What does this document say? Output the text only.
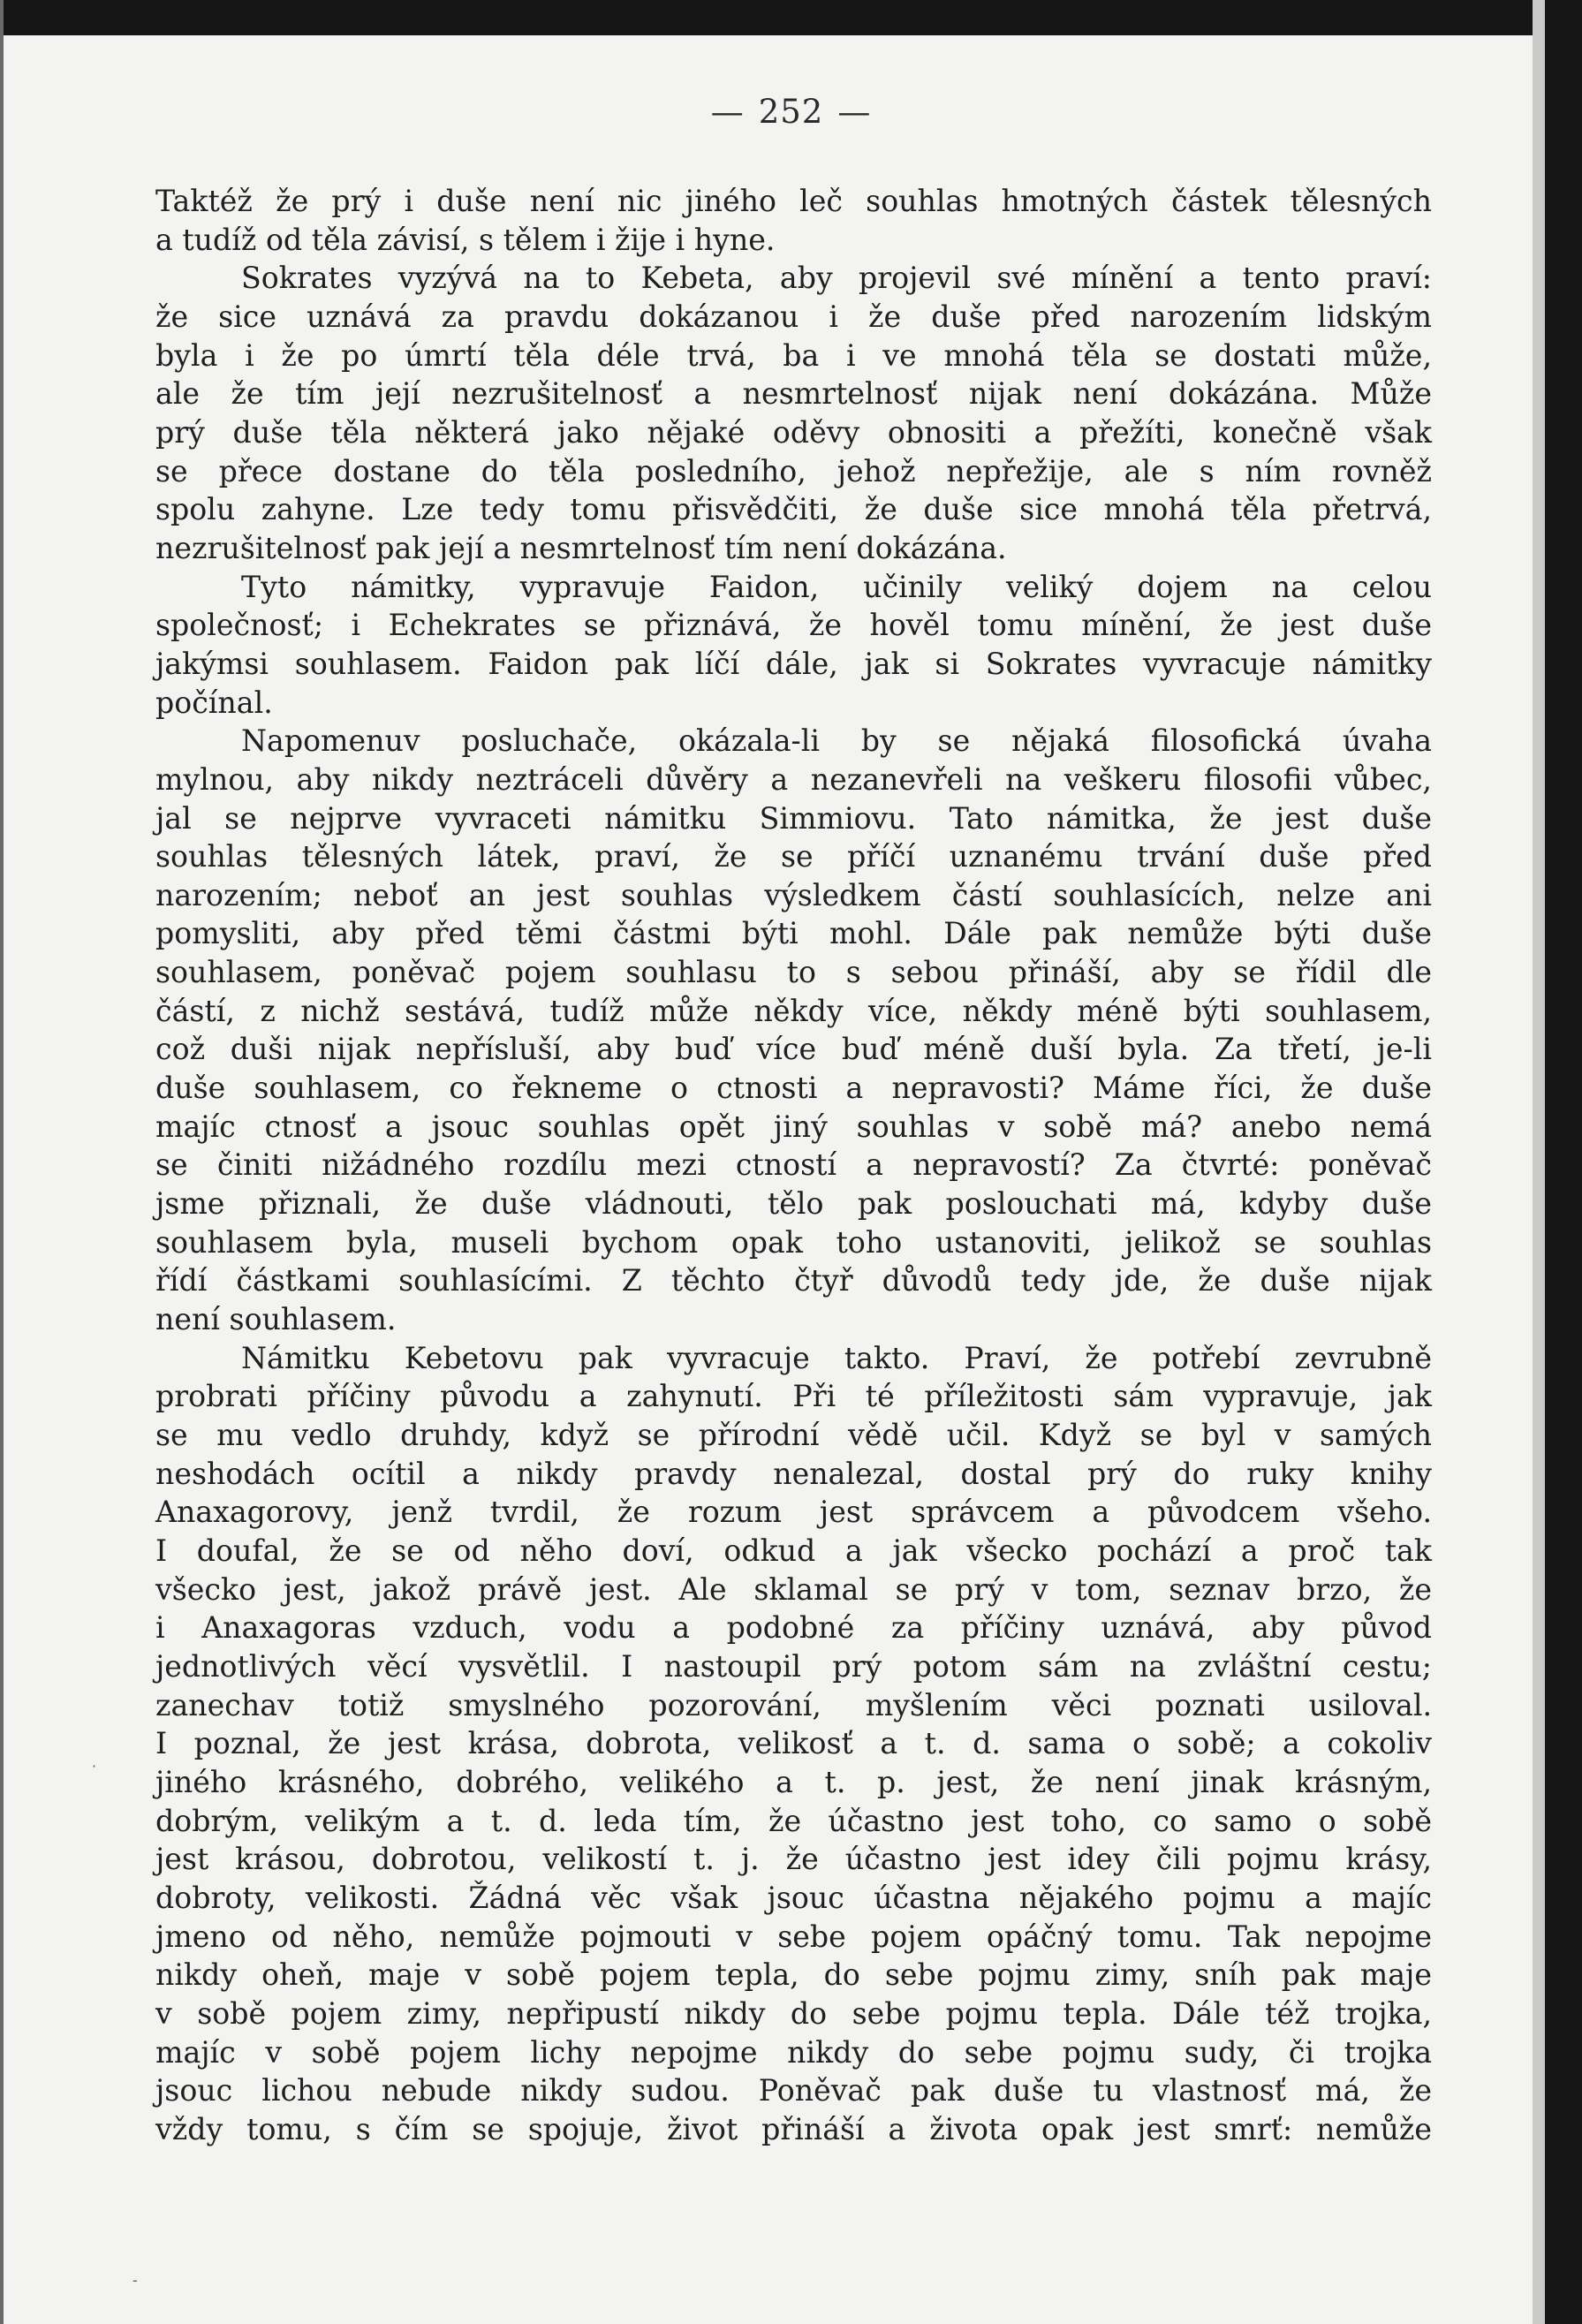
— 252 —

Taktéž že prý i duše není nic jiného leč souhlas hmotných částek tělesných
a tudíž od těla závisí, s tělem i žije i hyne.

Sokrates vyzývá na to Kebeta, aby projevil své mínění a tento praví:
že sice uznává za pravdu dokázanou i že duše před narozením lidským
byla i že po úmrtí těla déle trvá, ba i ve mnohá těla se dostati může,
ale že tím její nezrušitelnosť a nesmrtelnosť nijak není dokázána. Může
prý duše těla některá jako nějaké oděvy obnositi a přežíti, konečně však
se přece dostane do těla posledního, jehož nepřežije, ale s ním rovněž
spolu zahyne. Lze tedy tomu přisvědčiti, že duše sice mnohá těla přetrvá,
nezrušitelnosť pak její a nesmrtelnosť tím není dokázána.

Tyto námitky, vypravuje Faidon, učinily veliký dojem na celou
společnosť; i Echekrates se přiznává, že hověl tomu mínění, že jest duše
jakýmsi souhlasem. Faidon pak líčí dále, jak si Sokrates vyvracuje námitky
počínal.

Napomenuv posluchače, okázala-li by se nějaká filosofická úvaha
mylnou, aby nikdy neztráceli důvěry a nezanevřeli na veškeru filosofii vůbec,
jal se nejprve vyvraceti námitku Simmiovu. Tato námitka, že jest duše
souhlas tělesných látek, praví, že se příčí uznanému trvání duše před
narozením; neboť an jest souhlas výsledkem částí souhlasících, nelze ani
pomysliti, aby před těmi částmi býti mohl. Dále pak nemůže býti duše
souhlasem, poněvač pojem souhlasu to s sebou přináší, aby se řídil dle
částí, z nichž sestává, tudíž může někdy více, někdy méně býti souhlasem,
což duši nijak nepřísluší, aby buď více buď méně duší byla. Za třetí, je-li
duše souhlasem, co řekneme o ctnosti a nepravosti? Máme říci, že duše
majíc ctnosť a jsouc souhlas opět jiný souhlas v sobě má? anebo nemá
se činiti nižádného rozdílu mezi ctností a nepravostí? Za čtvrté: poněvač
jsme přiznali, že duše vládnouti, tělo pak poslouchati má, kdyby duše
souhlasem byla, museli bychom opak toho ustanoviti, jelikož se souhlas
řídí částkami souhlasícími. Z těchto čtyř důvodů tedy jde, že duše nijak
není souhlasem.

Námitku Kebetovu pak vyvracuje takto. Praví, že potřebí zevrubně
probrati příčiny původu a zahynutí. Při té příležitosti sám vypravuje, jak
se mu vedlo druhdy, když se přírodní vědě učil. Když se byl v samých
neshodách ocítil a nikdy pravdy nenalezal, dostal prý do ruky knihy
Anaxagorovy, jenž tvrdil, že rozum jest správcem a původcem všeho.
I doufal, že se od něho doví, odkud a jak všecko pochází a proč tak
všecko jest, jakož právě jest. Ale sklamal se prý v tom, seznav brzo, že
i Anaxagoras vzduch, vodu a podobné za příčiny uznává, aby původ
jednotlivých věcí vysvětlil. I nastoupil prý potom sám na zvláštní cestu;
zanechav totiž smyslného pozorování, myšlením věci poznati usiloval.
I poznal, že jest krása, dobrota, velikosť a t. d. sama o sobě; a cokoliv
jiného krásného, dobrého, velikého a t. p. jest, že není jinak krásným,
dobrým, velikým a t. d. leda tím, že účastno jest toho, co samo o sobě
jest krásou, dobrotou, velikostí t. j. že účastno jest idey čili pojmu krásy,
dobroty, velikosti. Žádná věc však jsouc účastna nějakého pojmu a majíc
jmeno od něho, nemůže pojmouti v sebe pojem opáčný tomu. Tak nepojme
nikdy oheň, maje v sobě pojem tepla, do sebe pojmu zimy, sníh pak maje
v sobě pojem zimy, nepřipustí nikdy do sebe pojmu tepla. Dále též trojka,
majíc v sobě pojem lichy nepojme nikdy do sebe pojmu sudy, či trojka
jsouc lichou nebude nikdy sudou. Poněvač pak duše tu vlastnosť má, že
vždy tomu, s čím se spojuje, život přináší a života opak jest smrť: nemůže

·
-
